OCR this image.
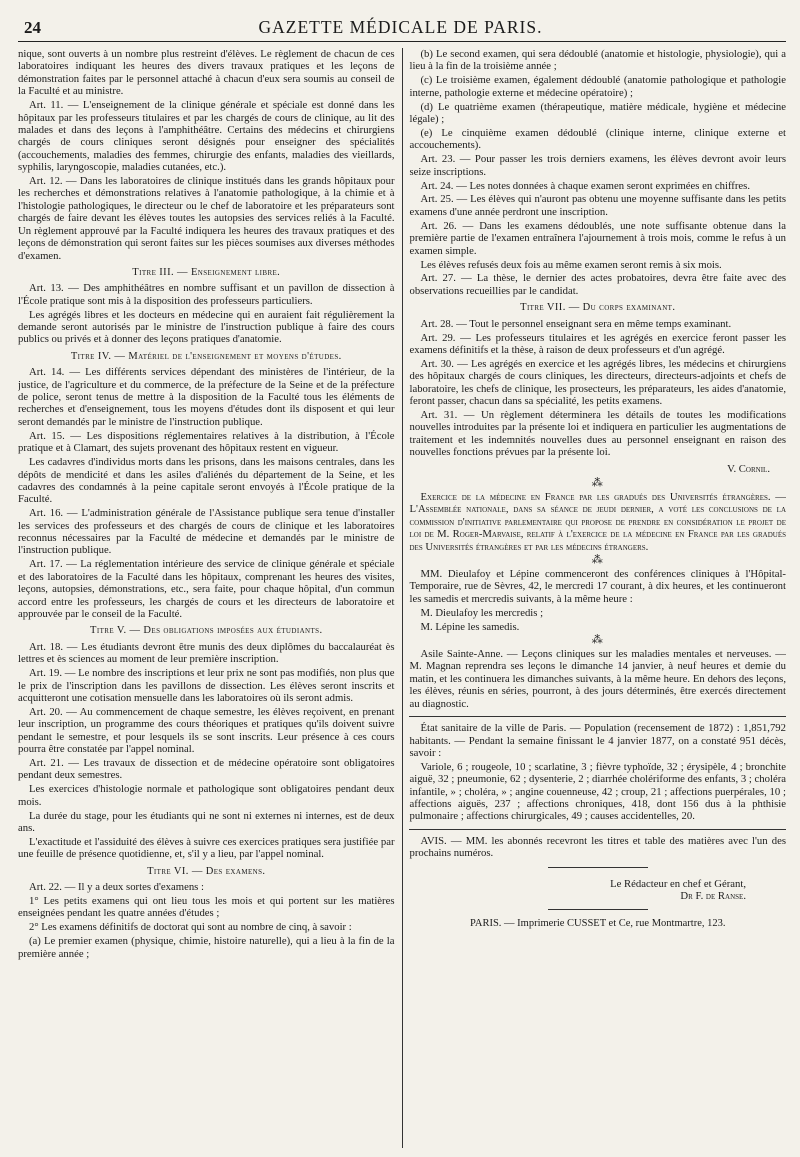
24	GAZETTE MÉDICALE DE PARIS.

nique, sont ouverts à un nombre plus restreint d'élèves. Le règlement de chacun de ces laboratoires indiquant les heures des divers travaux pratiques et les leçons de démonstration faites par le personnel attaché à chacun d'eux sera soumis au conseil de la Faculté et au ministre.

Art. 11. — L'enseignement de la clinique générale et spéciale est donné dans les hôpitaux par les professeurs titulaires et par les chargés de cours de clinique, au lit des malades et dans des leçons à l'amphithéâtre. Certains des médecins et chirurgiens chargés de cours cliniques seront désignés pour enseigner des spécialités (accouchements, maladies des femmes, chirurgie des enfants, maladies des vieillards, syphilis, laryngoscopie, maladies cutanées, etc.).

Art. 12. — Dans les laboratoires de clinique institués dans les grands hôpitaux pour les recherches et démonstrations relatives à l'anatomie pathologique, à la chimie et à l'histologie pathologiques, le directeur ou le chef de laboratoire et les préparateurs sont chargés de faire devant les élèves toutes les autopsies des services reliés à la Faculté. Un règlement approuvé par la Faculté indiquera les heures des travaux pratiques et des leçons de démonstration qui seront faites sur les pièces soumises aux diverses méthodes d'examen.

Titre III. — Enseignement libre.

Art. 13. — Des amphithéâtres en nombre suffisant et un pavillon de dissection à l'École pratique sont mis à la disposition des professeurs particuliers.

Les agrégés libres et les docteurs en médecine qui en auraient fait régulièrement la demande seront autorisés par le ministre de l'instruction publique à faire des cours publics ou privés et à donner des leçons pratiques d'anatomie.

Titre IV. — Matériel de l'enseignement et moyens d'études.

Art. 14. — Les différents services dépendant des ministères de l'intérieur, de la justice, de l'agriculture et du commerce, de la préfecture de la Seine et de la préfecture de police, seront tenus de mettre à la disposition de la Faculté tous les éléments de recherches et d'enseignement, tous les moyens d'études dont ils disposent et qui leur seront demandés par le ministre de l'instruction publique.

Art. 15. — Les dispositions réglementaires relatives à la distribution, à l'École pratique et à Clamart, des sujets provenant des hôpitaux restent en vigueur.

Les cadavres d'individus morts dans les prisons, dans les maisons centrales, dans les dépôts de mendicité et dans les asiles d'aliénés du département de la Seine, et les cadavres des condamnés à la peine capitale seront envoyés à l'École pratique de la Faculté.

Art. 16. — L'administration générale de l'Assistance publique sera tenue d'installer les services des professeurs et des chargés de cours de clinique et les laboratoires reconnus nécessaires par la Faculté de médecine et demandés par le ministre de l'instruction publique.

Art. 17. — La réglementation intérieure des service de clinique générale et spéciale et des laboratoires de la Faculté dans les hôpitaux, comprenant les heures des visites, leçons, autopsies, démonstrations, etc., sera faite, pour chaque hôpital, d'un commun accord entre les professeurs, les chargés de cours et les directeurs de laboratoire et approuvée par le conseil de la Faculté.

Titre V. — Des obligations imposées aux étudiants.

Art. 18. — Les étudiants devront être munis des deux diplômes du baccalauréat ès lettres et ès sciences au moment de leur première inscription.

Art. 19. — Le nombre des inscriptions et leur prix ne sont pas modifiés, non plus que le prix de l'inscription dans les pavillons de dissection. Les élèves seront inscrits et acquitteront une cotisation mensuelle dans les laboratoires où ils seront admis.

Art. 20. — Au commencement de chaque semestre, les élèves reçoivent, en prenant leur inscription, un programme des cours théoriques et pratiques qu'ils doivent suivre pendant le semestre, et pour lesquels ils se sont inscrits. Leur présence à ces cours pourra être constatée par l'appel nominal.

Art. 21. — Les travaux de dissection et de médecine opératoire sont obligatoires pendant deux semestres.

Les exercices d'histologie normale et pathologique sont obligatoires pendant deux mois.

La durée du stage, pour les étudiants qui ne sont ni externes ni internes, est de deux ans.

L'exactitude et l'assiduité des élèves à suivre ces exercices pratiques sera justifiée par une feuille de présence quotidienne, et, s'il y a lieu, par l'appel nominal.

Titre VI. — Des examens.

Art. 22. — Il y a deux sortes d'examens :

1° Les petits examens qui ont lieu tous les mois et qui portent sur les matières enseignées pendant les quatre années d'études ;

2° Les examens définitifs de doctorat qui sont au nombre de cinq, à savoir :

(a) Le premier examen (physique, chimie, histoire naturelle), qui a lieu à la fin de la première année ;

(b) Le second examen, qui sera dédoublé (anatomie et histologie, physiologie), qui a lieu à la fin de la troisième année ;

(c) Le troisième examen, également dédoublé (anatomie pathologique et pathologie interne, pathologie externe et médecine opératoire) ;

(d) Le quatrième examen (thérapeutique, matière médicale, hygiène et médecine légale) ;

(e) Le cinquième examen dédoublé (clinique interne, clinique externe et accouchements).

Art. 23. — Pour passer les trois derniers examens, les élèves devront avoir leurs seize inscriptions.

Art. 24. — Les notes données à chaque examen seront exprimées en chiffres.

Art. 25. — Les élèves qui n'auront pas obtenu une moyenne suffisante dans les petits examens d'une année perdront une inscription.

Art. 26. — Dans les examens dédoublés, une note suffisante obtenue dans la première partie de l'examen entraînera l'ajournement à trois mois, comme le refus à un examen simple.

Les élèves refusés deux fois au même examen seront remis à six mois.

Art. 27. — La thèse, le dernier des actes probatoires, devra être faite avec des observations recueillies par le candidat.

Titre VII. — Du corps examinant.

Art. 28. — Tout le personnel enseignant sera en même temps examinant.

Art. 29. — Les professeurs titulaires et les agrégés en exercice feront passer les examens définitifs et la thèse, à raison de deux professeurs et d'un agrégé.

Art. 30. — Les agrégés en exercice et les agrégés libres, les médecins et chirurgiens des hôpitaux chargés de cours cliniques, les directeurs, directeurs-adjoints et chefs de laboratoire, les chefs de clinique, les prosecteurs, les préparateurs, les aides d'anatomie, feront passer, chacun dans sa spécialité, les petits examens.

Art. 31. — Un règlement déterminera les détails de toutes les modifications nouvelles introduites par la présente loi et indiquera en particulier les augmentations de traitement et les indemnités nouvelles dues au personnel enseignant en raison des nouvelles fonctions prévues par la présente loi.

V. Cornil.
⁂

Exercice de la médecine en France par les gradués des Universités étrangères. — L'Assemblée nationale, dans sa séance de jeudi dernier, a voté les conclusions de la commission d'initiative parlementaire qui propose de prendre en considération le projet de loi de M. Roger-Marvaise, relatif à l'exercice de la médecine en France par les gradués des Universités étrangères et par les médecins étrangers.

⁂

MM. Dieulafoy et Lépine commenceront des conférences cliniques à l'Hôpital-Temporaire, rue de Sèvres, 42, le mercredi 17 courant, à dix heures, et les continueront les samedis et mercredis suivants, à la même heure :

M. Dieulafoy les mercredis ;

M. Lépine les samedis.

⁂

Asile Sainte-Anne. — Leçons cliniques sur les maladies mentales et nerveuses. — M. Magnan reprendra ses leçons le dimanche 14 janvier, à neuf heures et demie du matin, et les continuera les dimanches suivants, à la même heure. En dehors des leçons, les élèves, réunis en séries, pourront, à des jours déterminés, être exercés directement au diagnostic.

État sanitaire de la ville de Paris. — Population (recensement de 1872) : 1,851,792 habitants. — Pendant la semaine finissant le 4 janvier 1877, on a constaté 951 décès, savoir :

Variole, 6 ; rougeole, 10 ; scarlatine, 3 ; fièvre typhoïde, 32 ; érysipèle, 4 ; bronchite aiguë, 32 ; pneumonie, 62 ; dysenterie, 2 ; diarrhée cholériforme des enfants, 3 ; choléra infantile, » ; choléra, » ; angine couenneuse, 42 ; croup, 21 ; affections puerpérales, 10 ; affections aiguës, 237 ; affections chroniques, 418, dont 156 dus à la phthisie pulmonaire ; affections chirurgicales, 49 ; causes accidentelles, 20.

AVIS. — MM. les abonnés recevront les titres et table des matières avec l'un des prochains numéros.

Le Rédacteur en chef et Gérant,
Dr F. de Ranse.
PARIS. — Imprimerie CUSSET et Ce, rue Montmartre, 123.
